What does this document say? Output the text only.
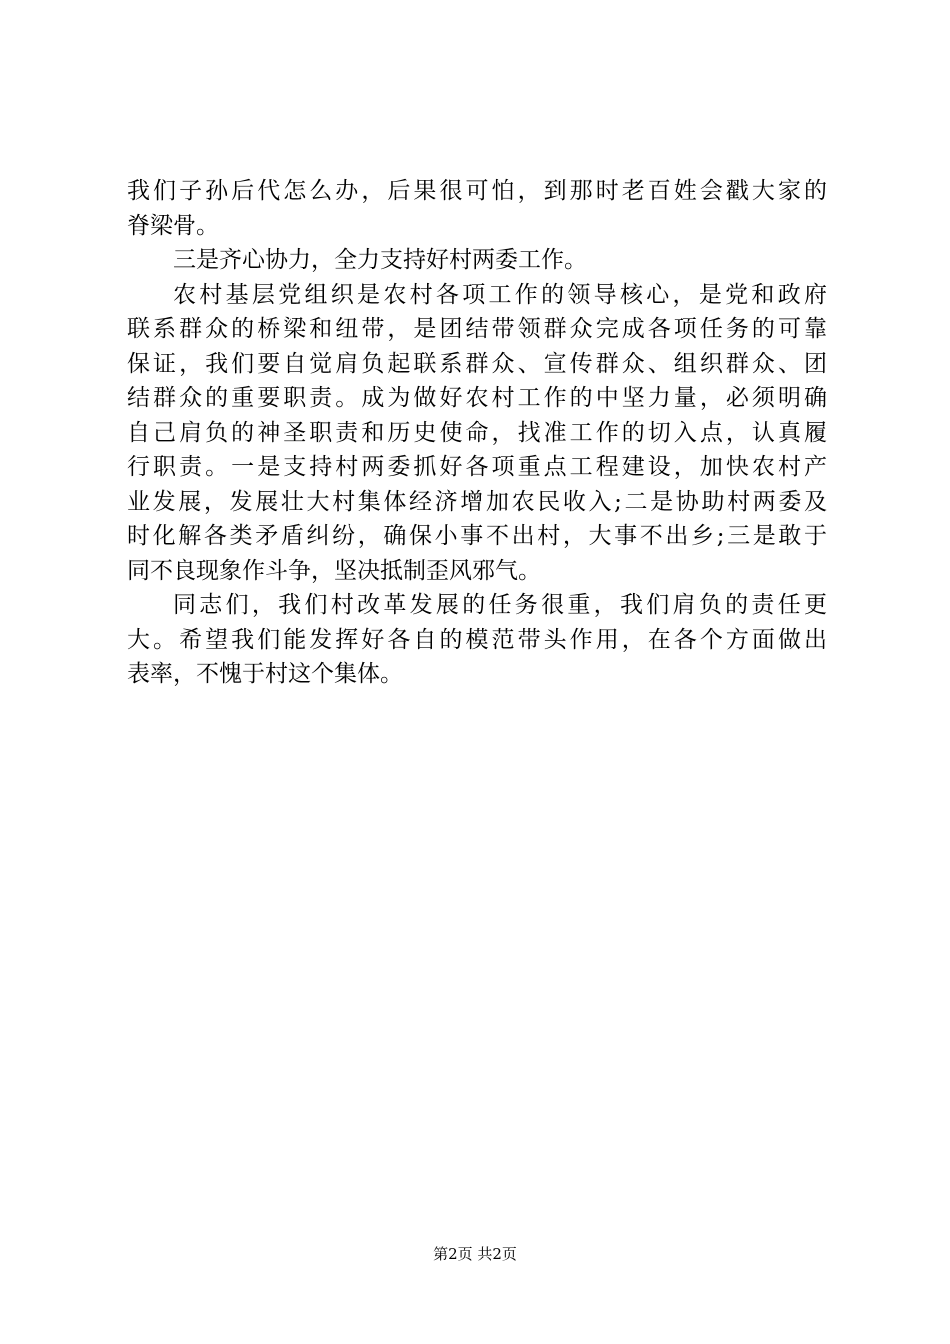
我们子孙后代怎么办，后果很可怕，到那时老百姓会戳大家的
脊梁骨。
三是齐心协力，全力支持好村两委工作。
农村基层党组织是农村各项工作的领导核心，是党和政府
联系群众的桥梁和纽带，是团结带领群众完成各项任务的可靠
保证，我们要自觉肩负起联系群众、宣传群众、组织群众、团
结群众的重要职责。成为做好农村工作的中坚力量，必须明确
自己肩负的神圣职责和历史使命，找准工作的切入点，认真履
行职责。一是支持村两委抓好各项重点工程建设，加快农村产
业发展，发展壮大村集体经济增加农民收入;二是协助村两委及
时化解各类矛盾纠纷，确保小事不出村，大事不出乡;三是敢于
同不良现象作斗争，坚决抵制歪风邪气。
同志们，我们村改革发展的任务很重，我们肩负的责任更
大。希望我们能发挥好各自的模范带头作用，在各个方面做出
表率，不愧于村这个集体。
第2页 共2页
